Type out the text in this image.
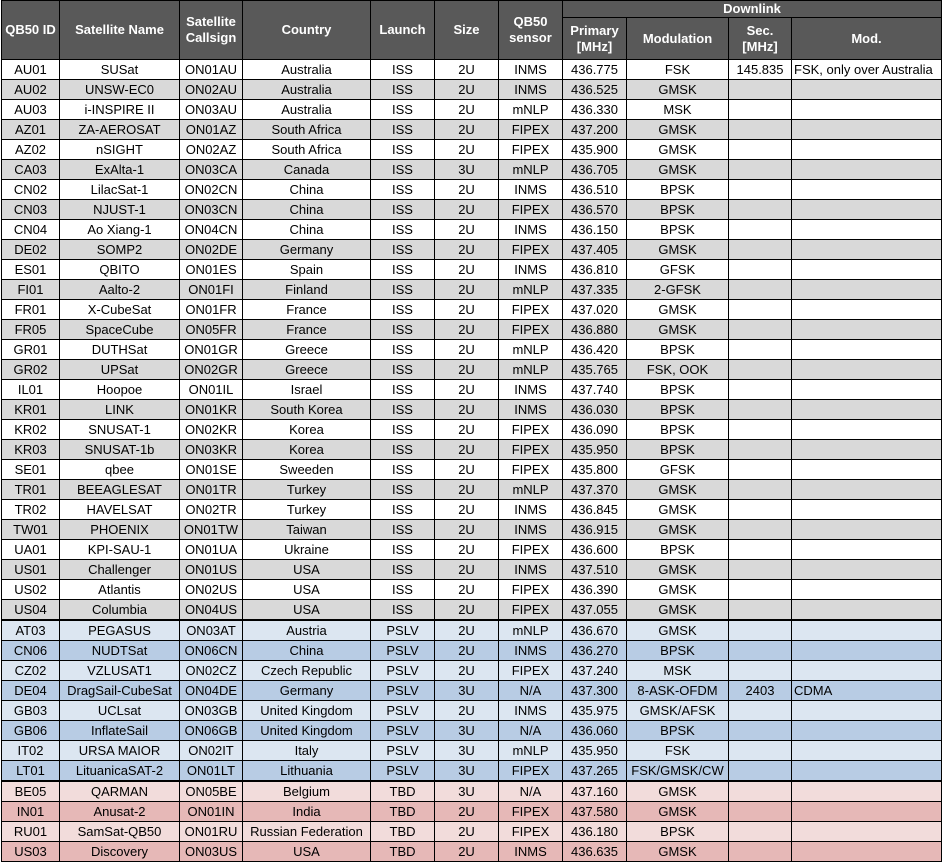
QB50 ID	Satellite Name	Satellite Callsign	Country	Launch	Size	QB50 sensor	Downlink			
							Primary [MHz]	Modulation	Sec. [MHz]	Mod.
AU01	SUSat	ON01AU	Australia	ISS	2U	INMS	436.775	FSK	145.835	FSK, only over Australia
AU02	UNSW-EC0	ON02AU	Australia	ISS	2U	INMS	436.525	GMSK		
AU03	i-INSPIRE II	ON03AU	Australia	ISS	2U	mNLP	436.330	MSK		
AZ01	ZA-AEROSAT	ON01AZ	South Africa	ISS	2U	FIPEX	437.200	GMSK		
AZ02	nSIGHT	ON02AZ	South Africa	ISS	2U	FIPEX	435.900	GMSK		
CA03	ExAlta-1	ON03CA	Canada	ISS	3U	mNLP	436.705	GMSK		
CN02	LilacSat-1	ON02CN	China	ISS	2U	INMS	436.510	BPSK		
CN03	NJUST-1	ON03CN	China	ISS	2U	FIPEX	436.570	BPSK		
CN04	Ao Xiang-1	ON04CN	China	ISS	2U	INMS	436.150	BPSK		
DE02	SOMP2	ON02DE	Germany	ISS	2U	FIPEX	437.405	GMSK		
ES01	QBITO	ON01ES	Spain	ISS	2U	INMS	436.810	GFSK		
FI01	Aalto-2	ON01FI	Finland	ISS	2U	mNLP	437.335	2-GFSK		
FR01	X-CubeSat	ON01FR	France	ISS	2U	FIPEX	437.020	GMSK		
FR05	SpaceCube	ON05FR	France	ISS	2U	FIPEX	436.880	GMSK		
GR01	DUTHSat	ON01GR	Greece	ISS	2U	mNLP	436.420	BPSK		
GR02	UPSat	ON02GR	Greece	ISS	2U	mNLP	435.765	FSK, OOK		
IL01	Hoopoe	ON01IL	Israel	ISS	2U	INMS	437.740	BPSK		
KR01	LINK	ON01KR	South Korea	ISS	2U	INMS	436.030	BPSK		
KR02	SNUSAT-1	ON02KR	Korea	ISS	2U	FIPEX	436.090	BPSK		
KR03	SNUSAT-1b	ON03KR	Korea	ISS	2U	FIPEX	435.950	BPSK		
SE01	qbee	ON01SE	Sweeden	ISS	2U	FIPEX	435.800	GFSK		
TR01	BEEAGLESAT	ON01TR	Turkey	ISS	2U	mNLP	437.370	GMSK		
TR02	HAVELSAT	ON02TR	Turkey	ISS	2U	INMS	436.845	GMSK		
TW01	PHOENIX	ON01TW	Taiwan	ISS	2U	INMS	436.915	GMSK		
UA01	KPI-SAU-1	ON01UA	Ukraine	ISS	2U	FIPEX	436.600	BPSK		
US01	Challenger	ON01US	USA	ISS	2U	INMS	437.510	GMSK		
US02	Atlantis	ON02US	USA	ISS	2U	FIPEX	436.390	GMSK		
US04	Columbia	ON04US	USA	ISS	2U	FIPEX	437.055	GMSK		
AT03	PEGASUS	ON03AT	Austria	PSLV	2U	mNLP	436.670	GMSK		
CN06	NUDTSat	ON06CN	China	PSLV	2U	INMS	436.270	BPSK		
CZ02	VZLUSAT1	ON02CZ	Czech Republic	PSLV	2U	FIPEX	437.240	MSK		
DE04	DragSail-CubeSat	ON04DE	Germany	PSLV	3U	N/A	437.300	8-ASK-OFDM	2403	CDMA
GB03	UCLsat	ON03GB	United Kingdom	PSLV	2U	INMS	435.975	GMSK/AFSK		
GB06	InflateSail	ON06GB	United Kingdom	PSLV	3U	N/A	436.060	BPSK		
IT02	URSA MAIOR	ON02IT	Italy	PSLV	3U	mNLP	435.950	FSK		
LT01	LituanicaSAT-2	ON01LT	Lithuania	PSLV	3U	FIPEX	437.265	FSK/GMSK/CW		
BE05	QARMAN	ON05BE	Belgium	TBD	3U	N/A	437.160	GMSK		
IN01	Anusat-2	ON01IN	India	TBD	2U	FIPEX	437.580	GMSK		
RU01	SamSat-QB50	ON01RU	Russian Federation	TBD	2U	FIPEX	436.180	BPSK		
US03	Discovery	ON03US	USA	TBD	2U	INMS	436.635	GMSK		
